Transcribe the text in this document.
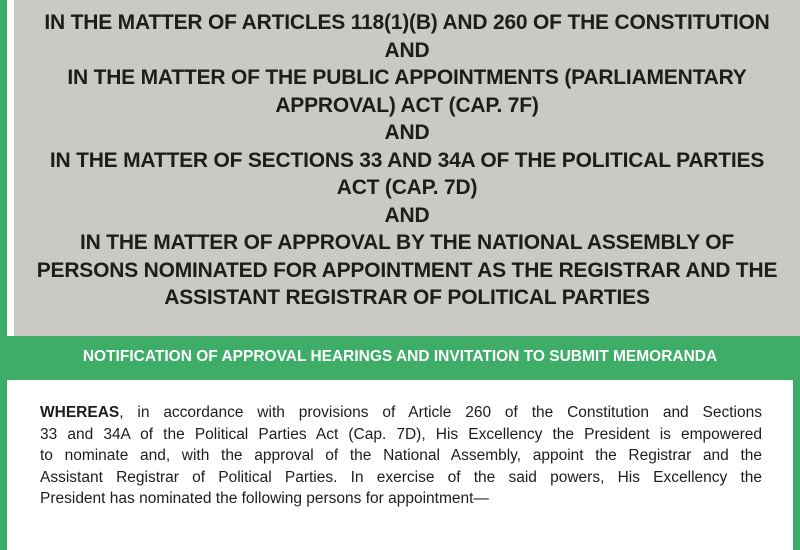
IN THE MATTER OF ARTICLES 118(1)(B) AND 260 OF THE CONSTITUTION
AND
IN THE MATTER OF THE PUBLIC APPOINTMENTS (PARLIAMENTARY
APPROVAL) ACT (CAP. 7F)
AND
IN THE MATTER OF SECTIONS 33 AND 34A OF THE POLITICAL PARTIES
ACT (CAP. 7D)
AND
IN THE MATTER OF APPROVAL BY THE NATIONAL ASSEMBLY OF
PERSONS NOMINATED FOR APPOINTMENT AS THE REGISTRAR AND THE
ASSISTANT REGISTRAR OF POLITICAL PARTIES
NOTIFICATION OF APPROVAL HEARINGS AND INVITATION TO SUBMIT MEMORANDA
WHEREAS, in accordance with provisions of Article 260 of the Constitution and Sections
33 and 34A of the Political Parties Act (Cap. 7D), His Excellency the President is empowered
to nominate and, with the approval of the National Assembly, appoint the Registrar and the
Assistant Registrar of Political Parties. In exercise of the said powers, His Excellency the
President has nominated the following persons for appointment—
